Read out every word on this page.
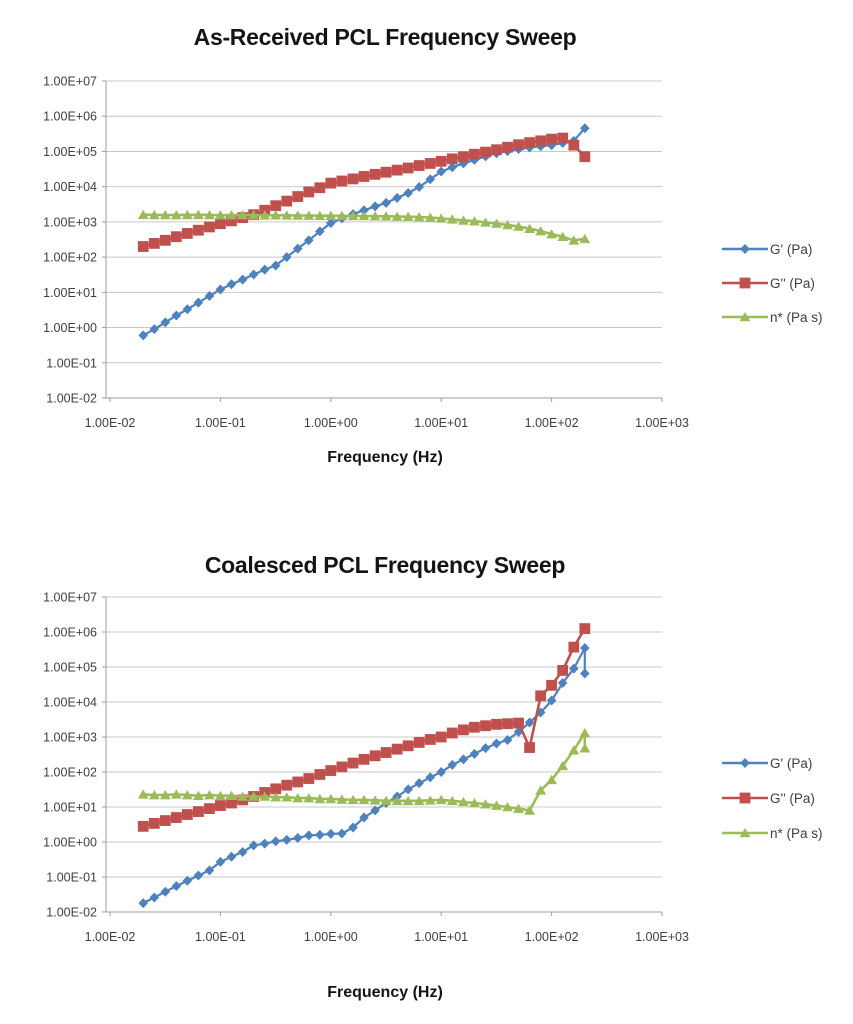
As-Received PCL Frequency Sweep
1.00E+07
1.00E+06
1.00E+05
1.00E+04
1.00E+03
1.00E+02
1.00E+01
1.00E+00
1.00E-01
1.00E-02
1.00E-02	1.00E-01	1.00E+00	1.00E+01	1.00E+02	1.00E+03
Frequency (Hz)
G' (Pa)
G'' (Pa)
n* (Pa s)
Coalesced PCL Frequency Sweep
1.00E+07
1.00E+06
1.00E+05
1.00E+04
1.00E+03
1.00E+02
1.00E+01
1.00E+00
1.00E-01
1.00E-02
1.00E-02	1.00E-01	1.00E+00	1.00E+01	1.00E+02	1.00E+03
Frequency (Hz)
G' (Pa)
G'' (Pa)
n* (Pa s)
